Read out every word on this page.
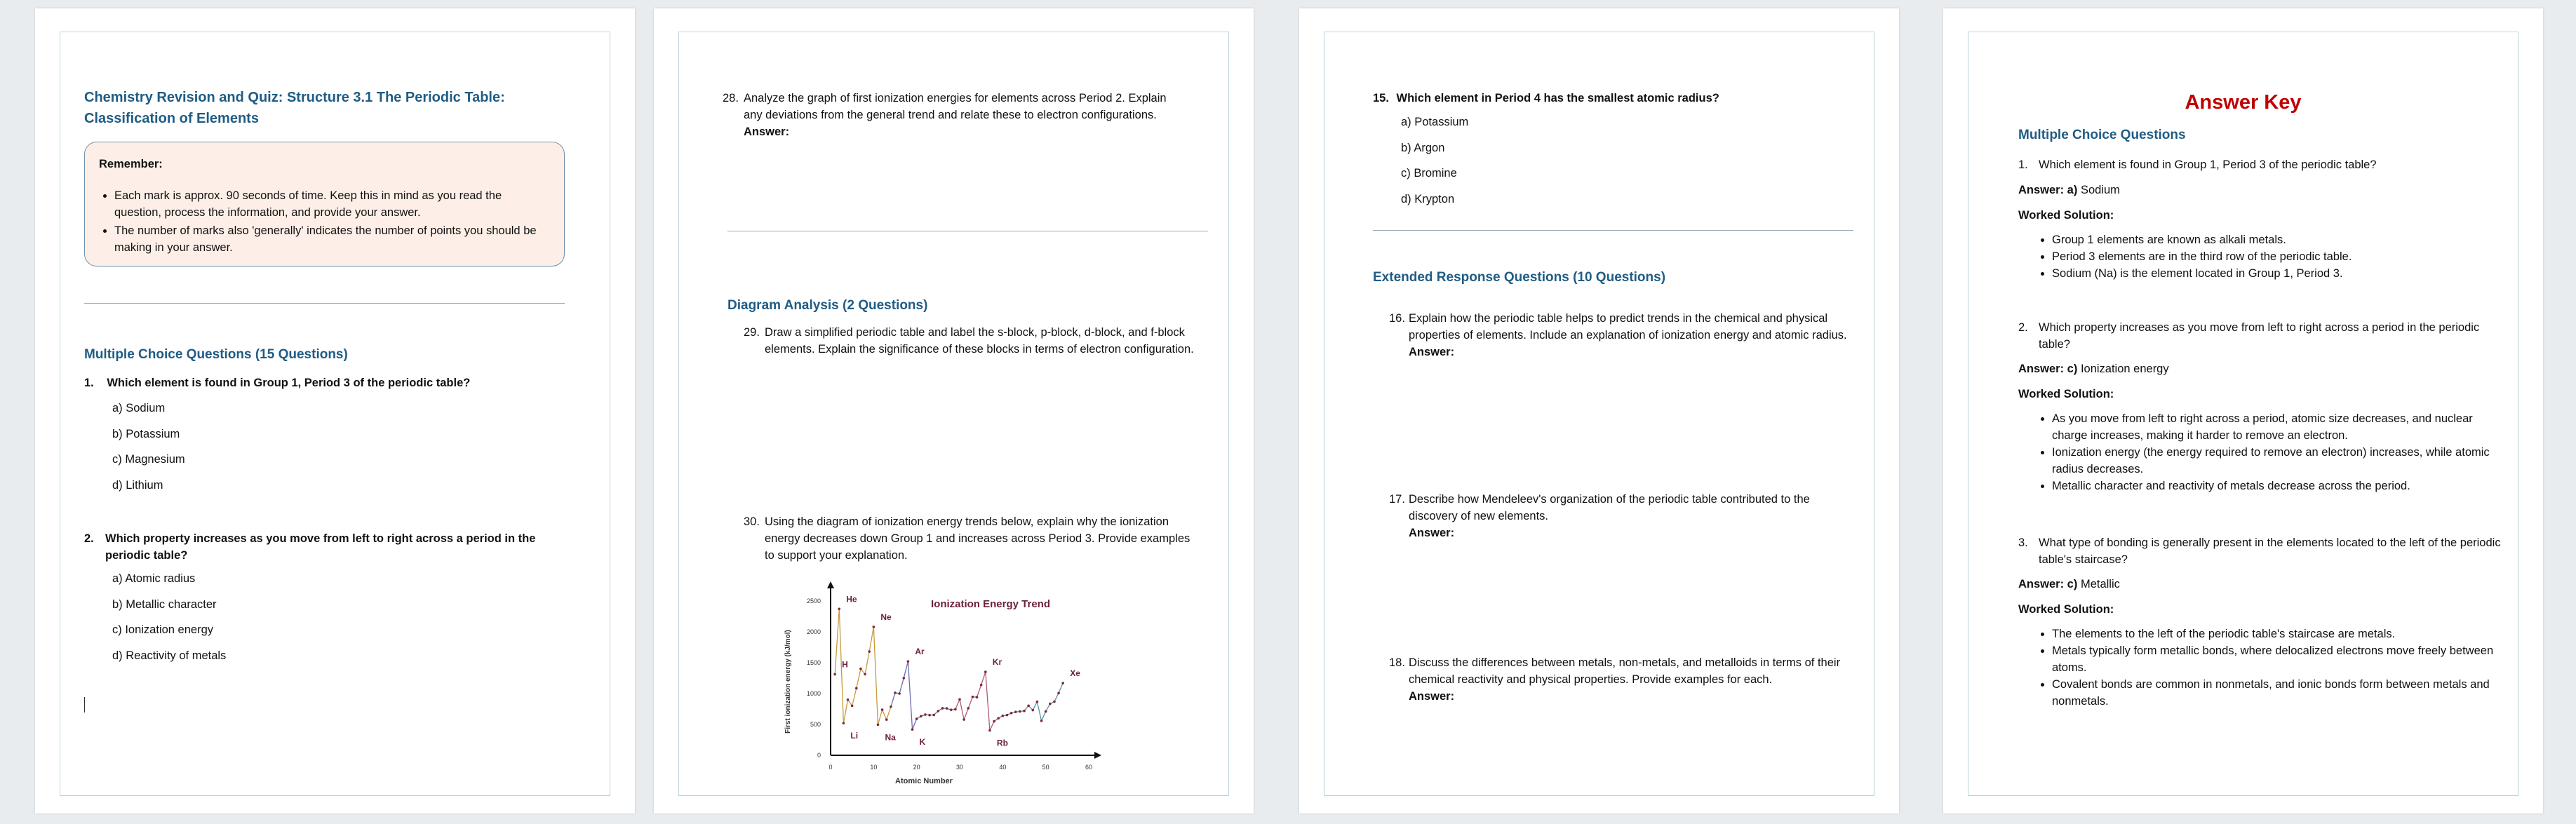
Chemistry Revision and Quiz: Structure 3.1 The Periodic Table: Classification of Elements
Remember:
• Each mark is approx. 90 seconds of time. Keep this in mind as you read the question, process the information, and provide your answer.
• The number of marks also 'generally' indicates the number of points you should be making in your answer.
Multiple Choice Questions (15 Questions)
1. Which element is found in Group 1, Period 3 of the periodic table?
a) Sodium
b) Potassium
c) Magnesium
d) Lithium
2. Which property increases as you move from left to right across a period in the periodic table?
a) Atomic radius
b) Metallic character
c) Ionization energy
d) Reactivity of metals
28. Analyze the graph of first ionization energies for elements across Period 2. Explain any deviations from the general trend and relate these to electron configurations.
Answer:
Diagram Analysis (2 Questions)
29. Draw a simplified periodic table and label the s-block, p-block, d-block, and f-block elements. Explain the significance of these blocks in terms of electron configuration.
30. Using the diagram of ionization energy trends below, explain why the ionization energy decreases down Group 1 and increases across Period 3. Provide examples to support your explanation.
0	10	20	30	40	50	60
0
500
1000
1500
2000
2500	He
Ne
Ar
Kr
Xe
H
Li	Na	K	Rb
Ionization Energy Trend
Atomic Number
First ionization energy (kJ/mol)
15. Which element in Period 4 has the smallest atomic radius?
a) Potassium
b) Argon
c) Bromine
d) Krypton
Extended Response Questions (10 Questions)
16. Explain how the periodic table helps to predict trends in the chemical and physical properties of elements. Include an explanation of ionization energy and atomic radius.
Answer:
17. Describe how Mendeleev's organization of the periodic table contributed to the discovery of new elements.
Answer:
18. Discuss the differences between metals, non-metals, and metalloids in terms of their chemical reactivity and physical properties. Provide examples for each.
Answer:
Answer Key
Multiple Choice Questions
1. Which element is found in Group 1, Period 3 of the periodic table?
Answer: a) Sodium
Worked Solution:
• Group 1 elements are known as alkali metals.
• Period 3 elements are in the third row of the periodic table.
• Sodium (Na) is the element located in Group 1, Period 3.
2. Which property increases as you move from left to right across a period in the periodic table?
Answer: c) Ionization energy
Worked Solution:
• As you move from left to right across a period, atomic size decreases, and nuclear charge increases, making it harder to remove an electron.
• Ionization energy (the energy required to remove an electron) increases, while atomic radius decreases.
• Metallic character and reactivity of metals decrease across the period.
3. What type of bonding is generally present in the elements located to the left of the periodic table's staircase?
Answer: c) Metallic
Worked Solution:
• The elements to the left of the periodic table's staircase are metals.
• Metals typically form metallic bonds, where delocalized electrons move freely between atoms.
• Covalent bonds are common in nonmetals, and ionic bonds form between metals and nonmetals.
